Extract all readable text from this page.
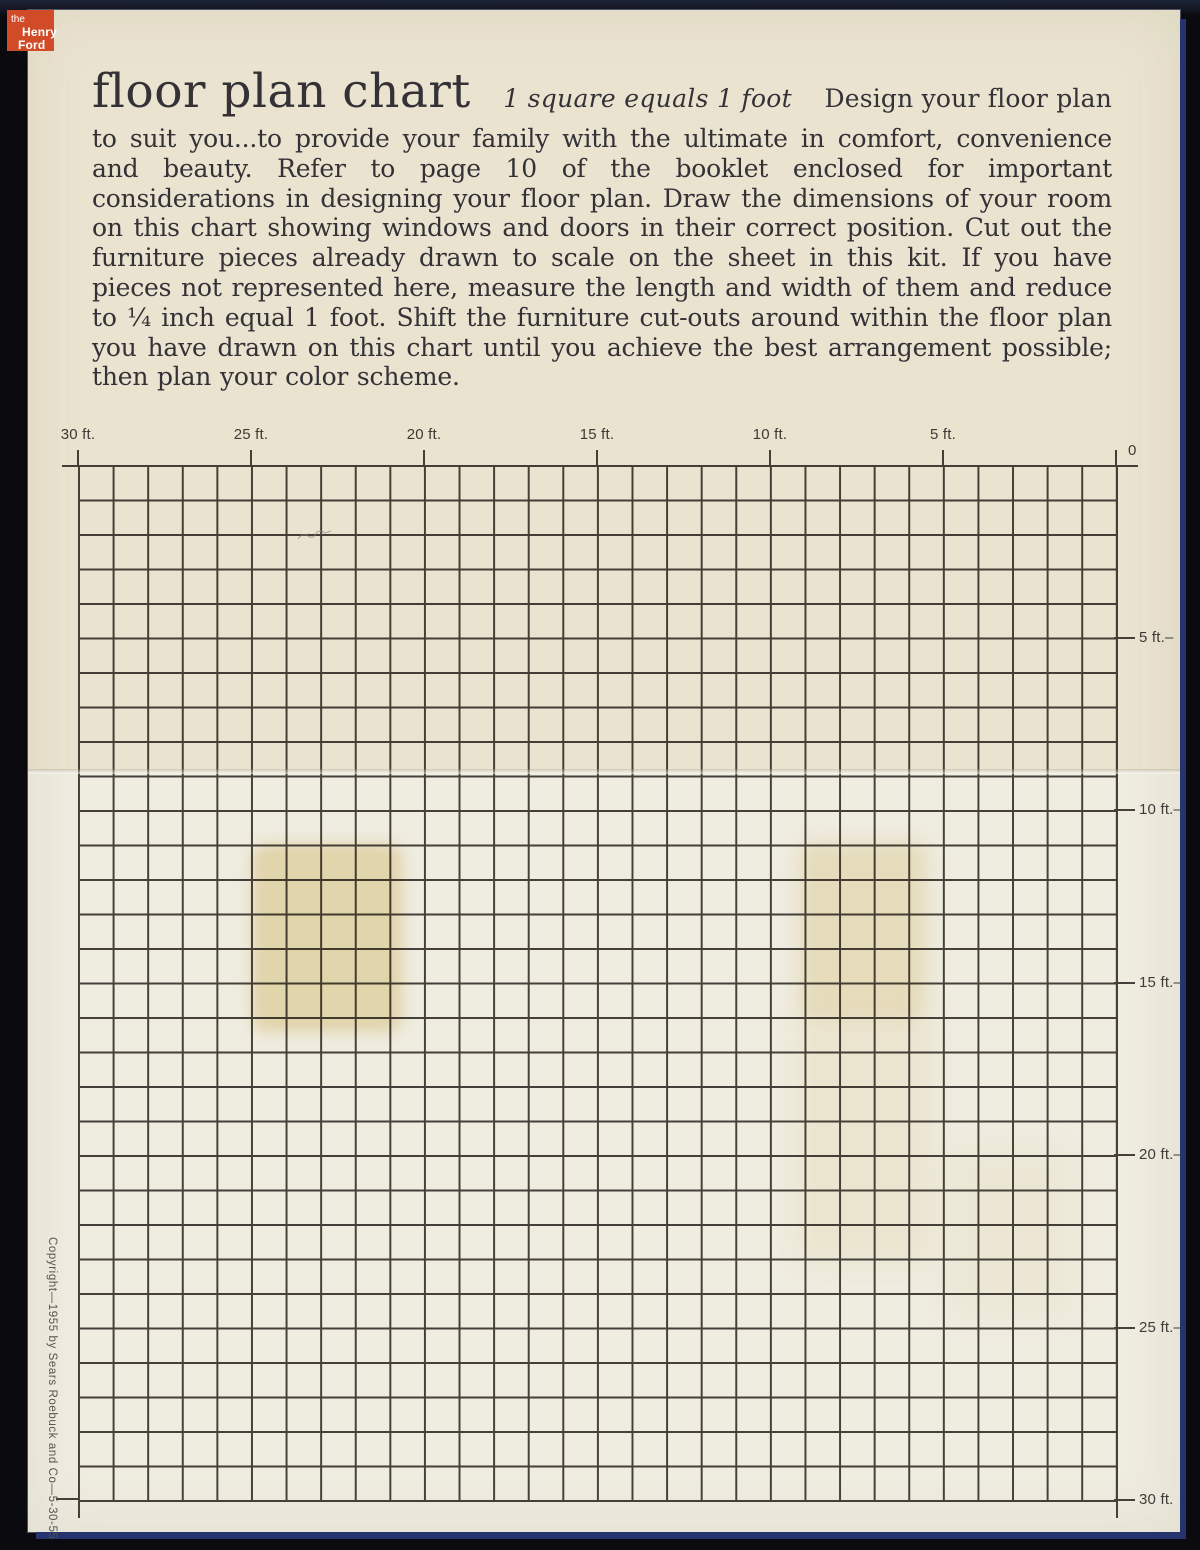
the
Henry
Ford
floor plan chart 1 square equals 1 foot Design your floor plan
to suit you...to provide your family with the ultimate in comfort, convenience and beauty. Refer to page 10 of the booklet enclosed for important considerations in designing your floor plan. Draw the dimensions of your room on this chart showing windows and doors in their correct position. Cut out the furniture pieces already drawn to scale on the sheet in this kit. If you have pieces not represented here, measure the length and width of them and reduce to ¼ inch equal 1 foot. Shift the furniture cut-outs around within the floor plan you have drawn on this chart until you achieve the best arrangement possible; then plan your color scheme.
0
30 ft.	25 ft.	20 ft.	15 ft.	10 ft.	5 ft.
5 ft.–
10 ft.–
15 ft.–
20 ft.–
25 ft.–
30 ft.
Copyright—1955 by Sears Roebuck and Co—5-30-55
